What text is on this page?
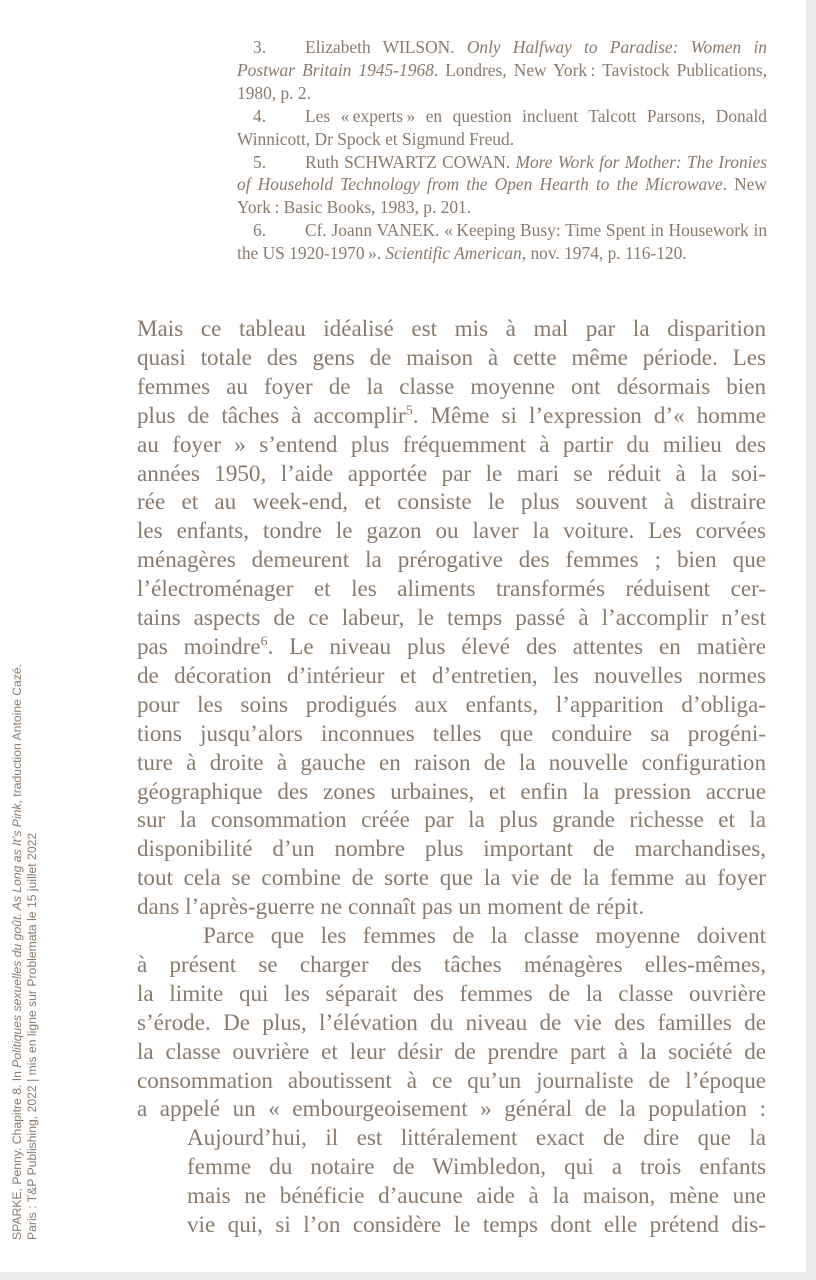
3. Elizabeth WILSON. Only Halfway to Paradise: Women in Postwar Britain 1945-1968. Londres, New York : Tavistock Publications, 1980, p. 2.

4. Les « experts » en question incluent Talcott Parsons, Donald Winnicott, Dr Spock et Sigmund Freud.

5. Ruth SCHWARTZ COWAN. More Work for Mother: The Ironies of Household Technology from the Open Hearth to the Microwave. New York : Basic Books, 1983, p. 201.

6. Cf. Joann VANEK. « Keeping Busy: Time Spent in Housework in the US 1920-1970 ». Scientific American, nov. 1974, p. 116-120.

Mais ce tableau idéalisé est mis à mal par la disparition
quasi totale des gens de maison à cette même période. Les
femmes au foyer de la classe moyenne ont désormais bien
plus de tâches à accomplir$^5$. Même si l’expression d’« homme
au foyer » s’entend plus fréquemment à partir du milieu des
années 1950, l’aide apportée par le mari se réduit à la soi-
rée et au week-end, et consiste le plus souvent à distraire
les enfants, tondre le gazon ou laver la voiture. Les corvées
ménagères demeurent la prérogative des femmes ; bien que
l’électroménager et les aliments transformés réduisent cer-
tains aspects de ce labeur, le temps passé à l’accomplir n’est
pas moindre$^6$. Le niveau plus élevé des attentes en matière
de décoration d’intérieur et d’entretien, les nouvelles normes
pour les soins prodigués aux enfants, l’apparition d’obliga-
tions jusqu’alors inconnues telles que conduire sa progéni-
ture à droite à gauche en raison de la nouvelle configuration
géographique des zones urbaines, et enfin la pression accrue
sur la consommation créée par la plus grande richesse et la
disponibilité d’un nombre plus important de marchandises,
tout cela se combine de sorte que la vie de la femme au foyer
dans l’après-guerre ne connaît pas un moment de répit.
Parce que les femmes de la classe moyenne doivent
à présent se charger des tâches ménagères elles-mêmes,
la limite qui les séparait des femmes de la classe ouvrière
s’érode. De plus, l’élévation du niveau de vie des familles de
la classe ouvrière et leur désir de prendre part à la société de
consommation aboutissent à ce qu’un journaliste de l’époque
a appelé un « embourgeoisement » général de la population :
Aujourd’hui, il est littéralement exact de dire que la
femme du notaire de Wimbledon, qui a trois enfants
mais ne bénéficie d’aucune aide à la maison, mène une
vie qui, si l’on considère le temps dont elle prétend dis-
SPARKE, Penny. Chapitre 8. In Politiques sexuelles du goût. As Long as It’s Pink, traduction Antoine Cazé.
Paris : T&P Publishing, 2022 | mis en ligne sur Problemata le 15 juillet 2022
